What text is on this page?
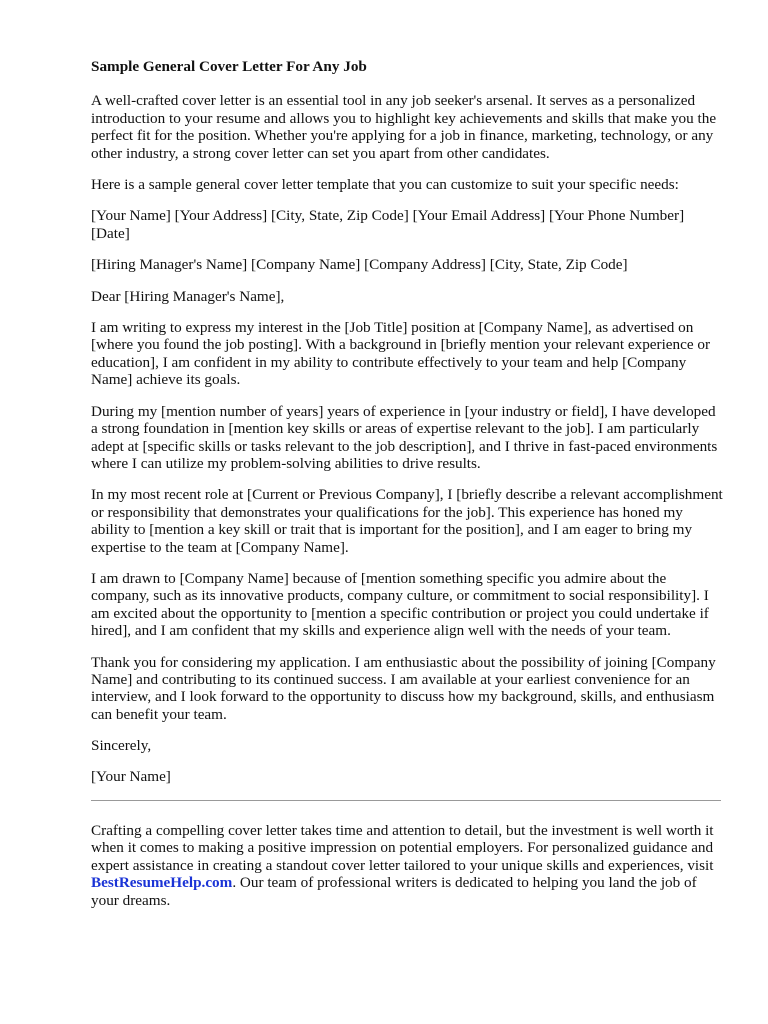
Sample General Cover Letter For Any Job

A well-crafted cover letter is an essential tool in any job seeker's arsenal. It serves as a personalized introduction to your resume and allows you to highlight key achievements and skills that make you the perfect fit for the position. Whether you're applying for a job in finance, marketing, technology, or any other industry, a strong cover letter can set you apart from other candidates.

Here is a sample general cover letter template that you can customize to suit your specific needs:

[Your Name] [Your Address] [City, State, Zip Code] [Your Email Address] [Your Phone Number] [Date]

[Hiring Manager's Name] [Company Name] [Company Address] [City, State, Zip Code]

Dear [Hiring Manager's Name],

I am writing to express my interest in the [Job Title] position at [Company Name], as advertised on [where you found the job posting]. With a background in [briefly mention your relevant experience or education], I am confident in my ability to contribute effectively to your team and help [Company Name] achieve its goals.

During my [mention number of years] years of experience in [your industry or field], I have developed a strong foundation in [mention key skills or areas of expertise relevant to the job]. I am particularly adept at [specific skills or tasks relevant to the job description], and I thrive in fast-paced environments where I can utilize my problem-solving abilities to drive results.

In my most recent role at [Current or Previous Company], I [briefly describe a relevant accomplishment or responsibility that demonstrates your qualifications for the job]. This experience has honed my ability to [mention a key skill or trait that is important for the position], and I am eager to bring my expertise to the team at [Company Name].

I am drawn to [Company Name] because of [mention something specific you admire about the company, such as its innovative products, company culture, or commitment to social responsibility]. I am excited about the opportunity to [mention a specific contribution or project you could undertake if hired], and I am confident that my skills and experience align well with the needs of your team.

Thank you for considering my application. I am enthusiastic about the possibility of joining [Company Name] and contributing to its continued success. I am available at your earliest convenience for an interview, and I look forward to the opportunity to discuss how my background, skills, and enthusiasm can benefit your team.

Sincerely,

[Your Name]

Crafting a compelling cover letter takes time and attention to detail, but the investment is well worth it when it comes to making a positive impression on potential employers. For personalized guidance and expert assistance in creating a standout cover letter tailored to your unique skills and experiences, visit BestResumeHelp.com. Our team of professional writers is dedicated to helping you land the job of your dreams.
